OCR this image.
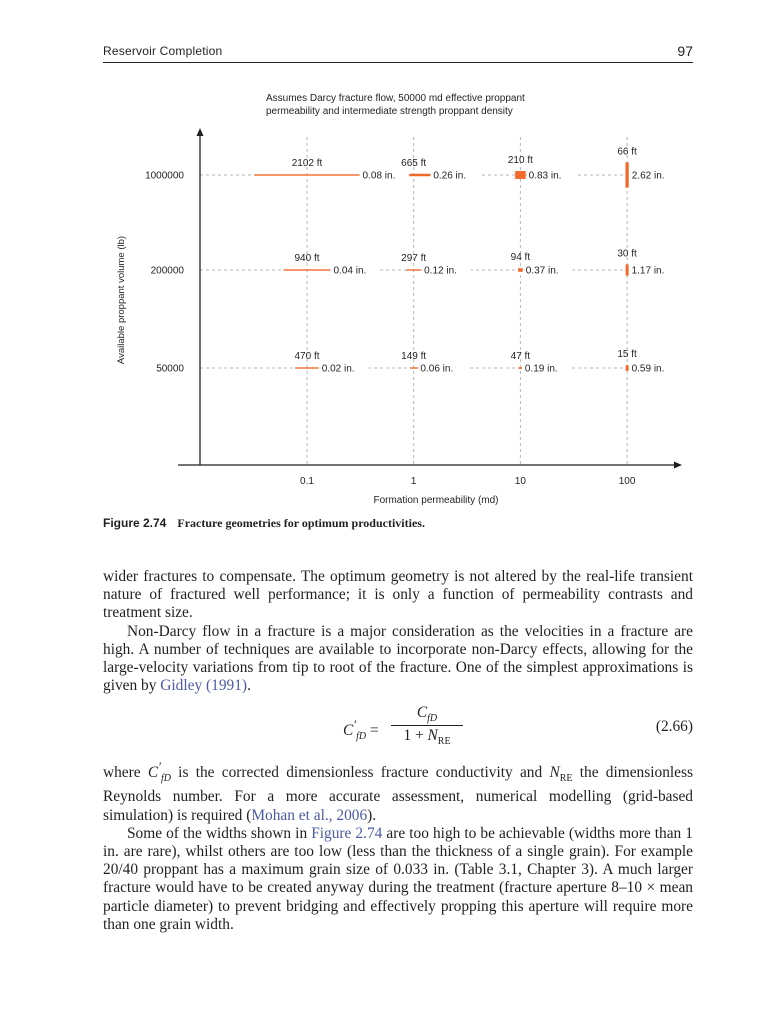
Reservoir Completion	97
0.1	1	10	100
50000
200000
1000000
Formation permeability (md)
Available proppant volume (lb)
Assumes Darcy fracture flow, 50000 md effective proppant
permeability and intermediate strength proppant density
0.08 in.
2102 ft
0.26 in.
665 ft
0.83 in.
210 ft
2.62 in.
66 ft
0.04 in.
940 ft
0.12 in.
297 ft
0.37 in.
94 ft
1.17 in.
30 ft
0.02 in.
470 ft
0.06 in.
149 ft
0.19 in.
47 ft
0.59 in.
15 ft
Figure 2.74 Fracture geometries for optimum productivities.

wider fractures to compensate. The optimum geometry is not altered by the real-life transient nature of fractured well performance; it is only a function of permeability contrasts and treatment size.

Non-Darcy flow in a fracture is a major consideration as the velocities in a fracture are high. A number of techniques are available to incorporate non-Darcy effects, allowing for the large-velocity variations from tip to root of the fracture. One of the simplest approximations is given by Gidley (1991).

$C'_{fD}$ =
$C_{fD}$
$1 + N_{RE}$
(2.66)

where $C'_{fD}$ is the corrected dimensionless fracture conductivity and $N_{RE}$ the dimensionless Reynolds number. For a more accurate assessment, numerical modelling (grid-based simulation) is required (Mohan et al., 2006).

Some of the widths shown in Figure 2.74 are too high to be achievable (widths more than 1 in. are rare), whilst others are too low (less than the thickness of a single grain). For example 20/40 proppant has a maximum grain size of 0.033 in. (Table 3.1, Chapter 3). A much larger fracture would have to be created anyway during the treatment (fracture aperture 8–10 × mean particle diameter) to prevent bridging and effectively propping this aperture will require more than one grain width.
